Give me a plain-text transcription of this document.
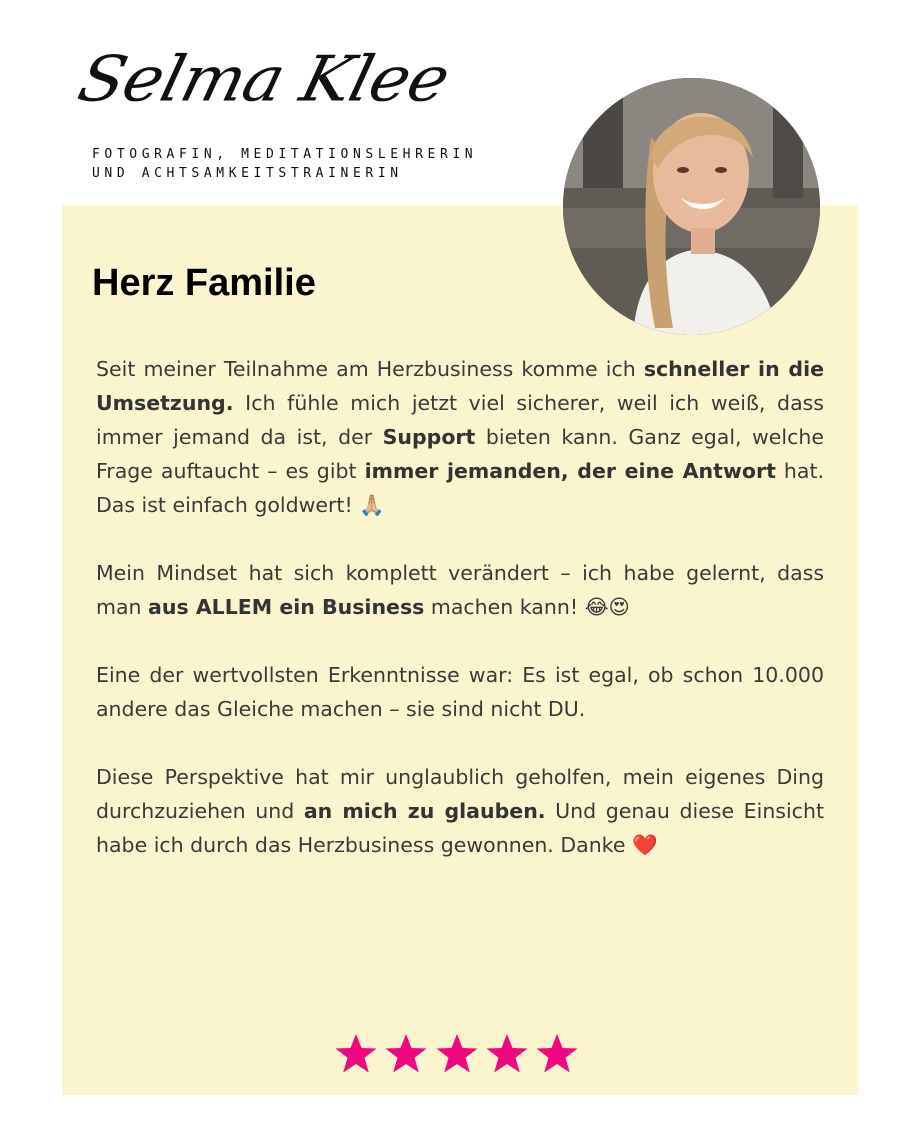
Selma Klee
FOTOGRAFIN, MEDITATIONSLEHRERIN UND ACHTSAMKEITSTRAINERIN
Herz Familie

Seit meiner Teilnahme am Herzbusiness komme ich schneller in die Umsetzung. Ich fühle mich jetzt viel sicherer, weil ich weiß, dass immer jemand da ist, der Support bieten kann. Ganz egal, welche Frage auftaucht – es gibt immer jemanden, der eine Antwort hat. Das ist einfach goldwert! 🙏🏼

Mein Mindset hat sich komplett verändert – ich habe gelernt, dass man aus ALLEM ein Business machen kann! 😂😍

Eine der wertvollsten Erkenntnisse war: Es ist egal, ob schon 10.000 andere das Gleiche machen – sie sind nicht DU.

Diese Perspektive hat mir unglaublich geholfen, mein eigenes Ding durchzuziehen und an mich zu glauben. Und genau diese Einsicht habe ich durch das Herzbusiness gewonnen. Danke ❤️
